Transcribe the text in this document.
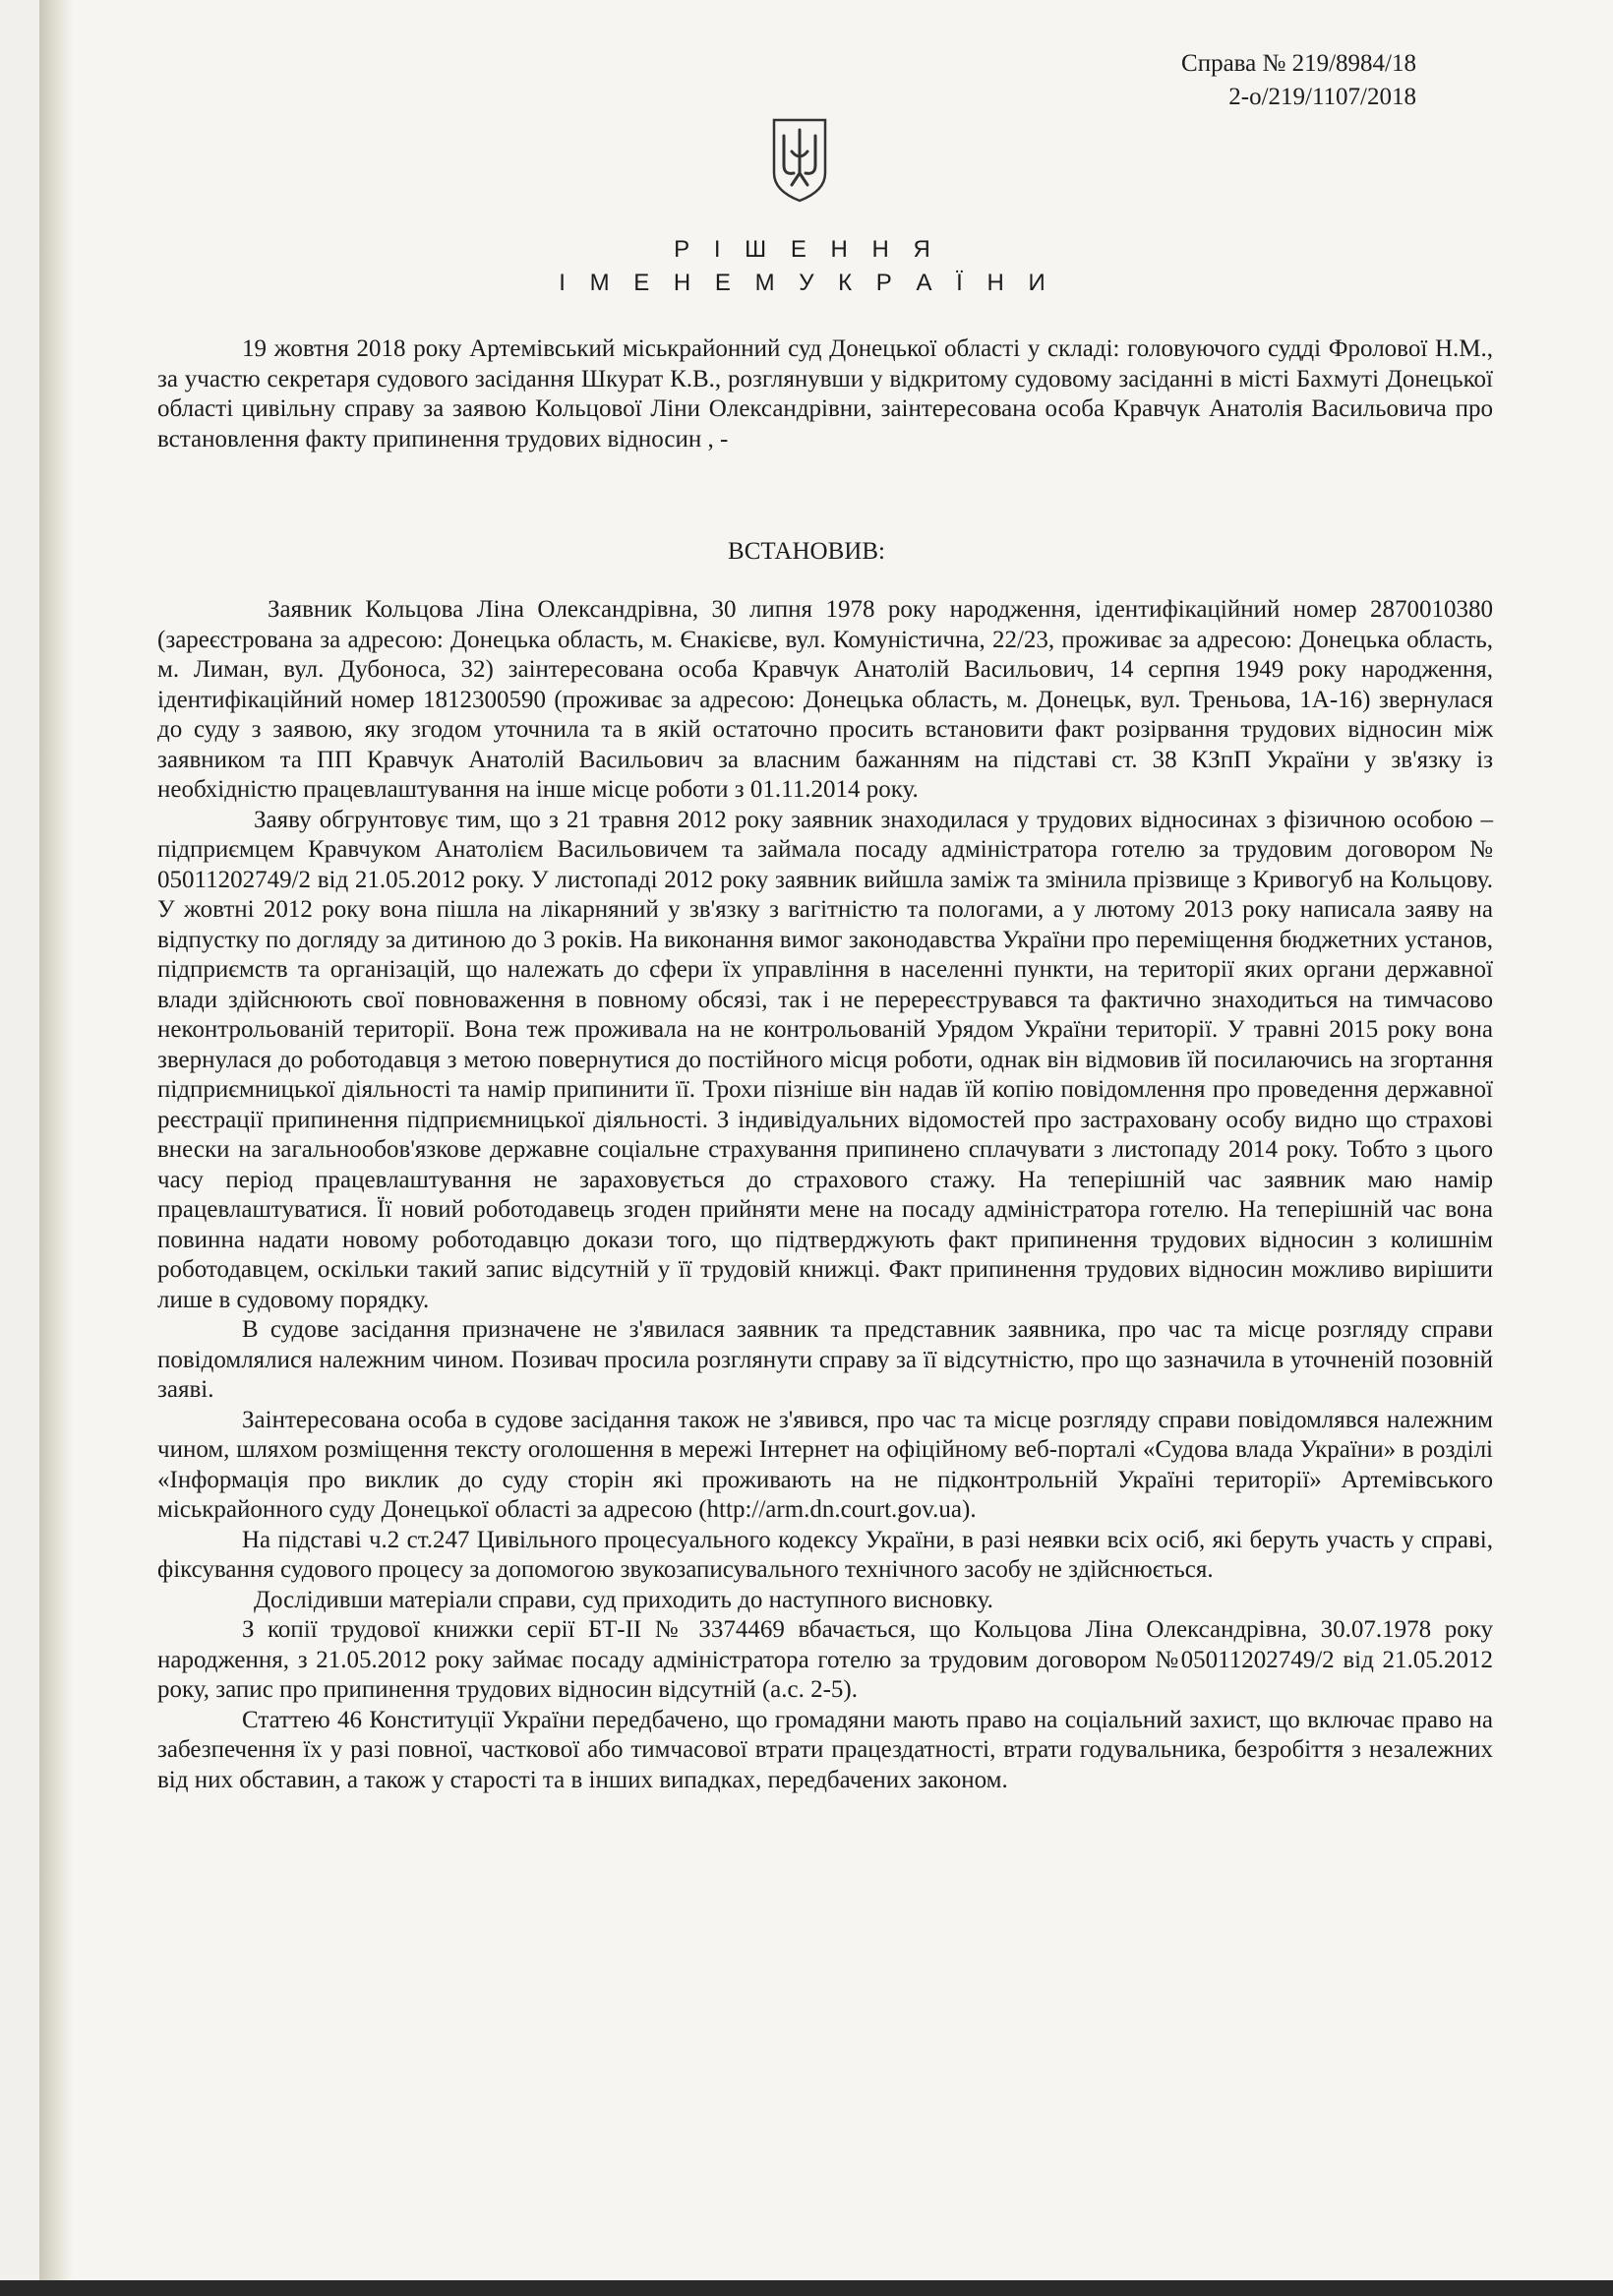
Справа № 219/8984/18
2-о/219/1107/2018
Р І Ш Е Н Н Я
І М Е Н Е М У К Р А Ї Н И

19 жовтня 2018 року Артемівський міськрайонний суд Донецької області у складі: головуючого судді Фролової Н.М., за участю секретаря судового засідання Шкурат К.В., розглянувши у відкритому судовому засіданні в місті Бахмуті Донецької області цивільну справу за заявою Кольцової Ліни Олександрівни, заінтересована особа Кравчук Анатолія Васильовича про встановлення факту припинення трудових відносин , -

ВСТАНОВИВ:

Заявник Кольцова Ліна Олександрівна, 30 липня 1978 року народження, ідентифікаційний номер 2870010380 (зареєстрована за адресою: Донецька область, м. Єнакієве, вул. Комуністична, 22/23, проживає за адресою: Донецька область, м. Лиман, вул. Дубоноса, 32) заінтересована особа Кравчук Анатолій Васильович, 14 серпня 1949 року народження, ідентифікаційний номер 1812300590 (проживає за адресою: Донецька область, м. Донецьк, вул. Треньова, 1А-16) звернулася до суду з заявою, яку згодом уточнила та в якій остаточно просить встановити факт розірвання трудових відносин між заявником та ПП Кравчук Анатолій Васильович за власним бажанням на підставі ст. 38 КЗпП України у зв'язку із необхідністю працевлаштування на інше місце роботи з 01.11.2014 року.

Заяву обгрунтовує тим, що з 21 травня 2012 року заявник знаходилася у трудових відносинах з фізичною особою – підприємцем Кравчуком Анатолієм Васильовичем та займала посаду адміністратора готелю за трудовим договором № 05011202749/2 від 21.05.2012 року. У листопаді 2012 року заявник вийшла заміж та змінила прізвище з Кривогуб на Кольцову. У жовтні 2012 року вона пішла на лікарняний у зв'язку з вагітністю та пологами, а у лютому 2013 року написала заяву на відпустку по догляду за дитиною до 3 років. На виконання вимог законодавства України про переміщення бюджетних установ, підприємств та організацій, що належать до сфери їх управління в населенні пункти, на території яких органи державної влади здійснюють свої повноваження в повному обсязі, так і не перереєструвався та фактично знаходиться на тимчасово неконтрольованій території. Вона теж проживала на не контрольованій Урядом України території. У травні 2015 року вона звернулася до роботодавця з метою повернутися до постійного місця роботи, однак він відмовив їй посилаючись на згортання підприємницької діяльності та намір припинити її. Трохи пізніше він надав їй копію повідомлення про проведення державної реєстрації припинення підприємницької діяльності. З індивідуальних відомостей про застраховану особу видно що страхові внески на загальнообов'язкове державне соціальне страхування припинено сплачувати з листопаду 2014 року. Тобто з цього часу період працевлаштування не зараховується до страхового стажу. На теперішній час заявник маю намір працевлаштуватися. Її новий роботодавець згоден прийняти мене на посаду адміністратора готелю. На теперішній час вона повинна надати новому роботодавцю докази того, що підтверджують факт припинення трудових відносин з колишнім роботодавцем, оскільки такий запис відсутній у її трудовій книжці. Факт припинення трудових відносин можливо вирішити лише в судовому порядку.

В судове засідання призначене не з'явилася заявник та представник заявника, про час та місце розгляду справи повідомлялися належним чином. Позивач просила розглянути справу за її відсутністю, про що зазначила в уточненій позовній заяві.

Заінтересована особа в судове засідання також не з'явився, про час та місце розгляду справи повідомлявся належним чином, шляхом розміщення тексту оголошення в мережі Інтернет на офіційному веб-порталі «Судова влада України» в розділі «Інформація про виклик до суду сторін які проживають на не підконтрольній Україні території» Артемівського міськрайонного суду Донецької області за адресою (http://arm.dn.court.gov.ua).

На підставі ч.2 ст.247 Цивільного процесуального кодексу України, в разі неявки всіх осіб, які беруть участь у справі, фіксування судового процесу за допомогою звукозаписувального технічного засобу не здійснюється.

Дослідивши матеріали справи, суд приходить до наступного висновку.

З копії трудової книжки серії БТ-ІІ № 3374469 вбачається, що Кольцова Ліна Олександрівна, 30.07.1978 року народження, з 21.05.2012 року займає посаду адміністратора готелю за трудовим договором №05011202749/2 від 21.05.2012 року, запис про припинення трудових відносин відсутній (а.с. 2-5).

Статтею 46 Конституції України передбачено, що громадяни мають право на соціальний захист, що включає право на забезпечення їх у разі повної, часткової або тимчасової втрати працездатності, втрати годувальника, безробіття з незалежних від них обставин, а також у старості та в інших випадках, передбачених законом.
